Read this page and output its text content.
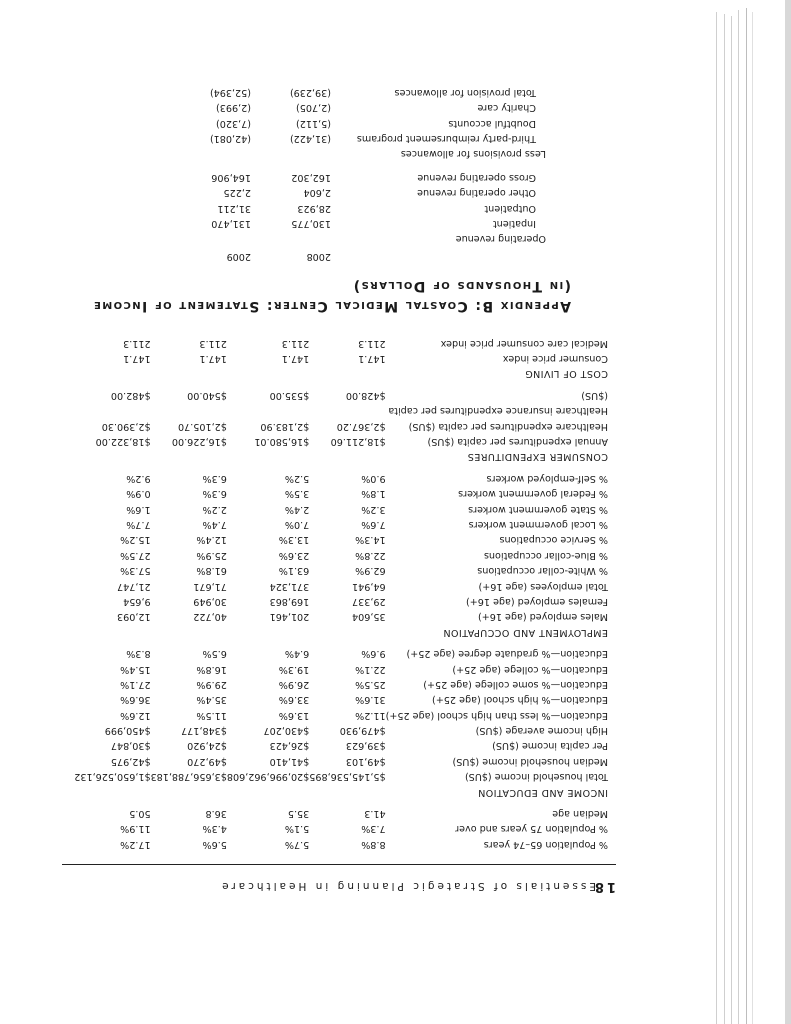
18
Essentials of Strategic Planning in Healthcare
% Population 65–74 years	8.8%	5.7%	5.6%	17.2%
% Population 75 years and over	7.3%	5.1%	4.3%	11.9%
Median age	41.3	35.5	36.8	50.5
INCOME AND EDUCATION				
Total household income ($US)	$5,145,536,895	$20,996,962,608	$3,656,788,183	$1,650,526,132
Median household income ($US)	$49,103	$41,410	$49,270	$42,975
Per capita income ($US)	$39,623	$26,423	$24,920	$30,847
High income average ($US)	$479,930	$430,207	$348,177	$450,999
Education—% less than high school (age 25+)	11.2%	13.6%	11.5%	12.6%
Education—% high school (age 25+)	31.6%	33.6%	35.4%	36.6%
Education—% some college (age 25+)	25.5%	26.9%	29.9%	27.1%
Education—% college (age 25+)	22.1%	19.3%	16.8%	15.4%
Education—% graduate degree (age 25+)	9.6%	6.4%	6.5%	8.3%
EMPLOYMENT AND OCCUPATION				
Males employed (age 16+)	35,604	201,461	40,722	12,093
Females employed (age 16+)	29,337	169,863	30,949	9,654
Total employees (age 16+)	64,941	371,324	71,671	21,747
% White-collar occupations	62.9%	63.1%	61.8%	57.3%
% Blue-collar occupations	22.8%	23.6%	25.9%	27.5%
% Service occupations	14.3%	13.3%	12.4%	15.2%
% Local government workers	7.6%	7.0%	7.4%	7.7%
% State government workers	3.2%	2.4%	2.2%	1.6%
% Federal government workers	1.8%	3.5%	6.3%	0.9%
% Self-employed workers	9.0%	5.2%	6.3%	9.2%
CONSUMER EXPENDITURES				
Annual expenditures per capita ($US)	$18,211.60	$16,580.01	$16,226.00	$18,322.00
Healthcare expenditures per capita ($US)	$2,367.20	$2,183.90	$2,105.70	$2,390.30
Healthcare insurance expenditures per capita				
($US)	$428.00	$535.00	$540.00	$482.00
COST OF LIVING				
Consumer price index	147.1	147.1	147.1	147.1
Medical care consumer price index	211.3	211.3	211.3	211.3
Appendix B: Coastal Medical Center: Statement of Income
(in Thousands of Dollars)
	2008	2009
Operating revenue		
Inpatient	130,775	131,470
Outpatient	28,923	31,211
Other operating revenue	2,604	2,225
Gross operating revenue	162,302	164,906
Less provisions for allowances		
Third-party reimbursement programs	(31,422)	(42,081)
Doubtful accounts	(5,112)	(7,320)
Charity care	(2,705)	(2,993)
Total provision for allowances	(39,239)	(52,394)
